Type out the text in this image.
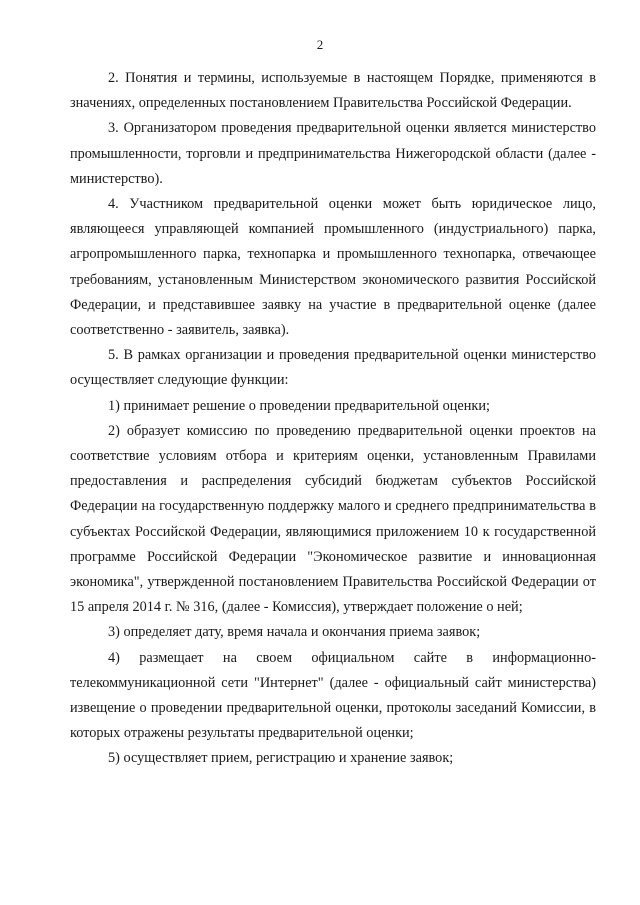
2

2. Понятия и термины, используемые в настоящем Порядке, применяются в значениях, определенных постановлением Правительства Российской Федерации.

3. Организатором проведения предварительной оценки является министерство промышленности, торговли и предпринимательства Нижегородской области (далее - министерство).

4. Участником предварительной оценки может быть юридическое лицо, являющееся управляющей компанией промышленного (индустриального) парка, агропромышленного парка, технопарка и промышленного технопарка, отвечающее требованиям, установленным Министерством экономического развития Российской Федерации, и представившее заявку на участие в предварительной оценке (далее соответственно - заявитель, заявка).

5. В рамках организации и проведения предварительной оценки министерство осуществляет следующие функции:

1) принимает решение о проведении предварительной оценки;

2) образует комиссию по проведению предварительной оценки проектов на соответствие условиям отбора и критериям оценки, установленным Правилами предоставления и распределения субсидий бюджетам субъектов Российской Федерации на государственную поддержку малого и среднего предпринимательства в субъектах Российской Федерации, являющимися приложением 10 к государственной программе Российской Федерации "Экономическое развитие и инновационная экономика", утвержденной постановлением Правительства Российской Федерации от 15 апреля 2014 г. № 316, (далее - Комиссия), утверждает положение о ней;

3) определяет дату, время начала и окончания приема заявок;

4) размещает на своем официальном сайте в информационно-телекоммуникационной сети "Интернет" (далее - официальный сайт министерства) извещение о проведении предварительной оценки, протоколы заседаний Комиссии, в которых отражены результаты предварительной оценки;

5) осуществляет прием, регистрацию и хранение заявок;
